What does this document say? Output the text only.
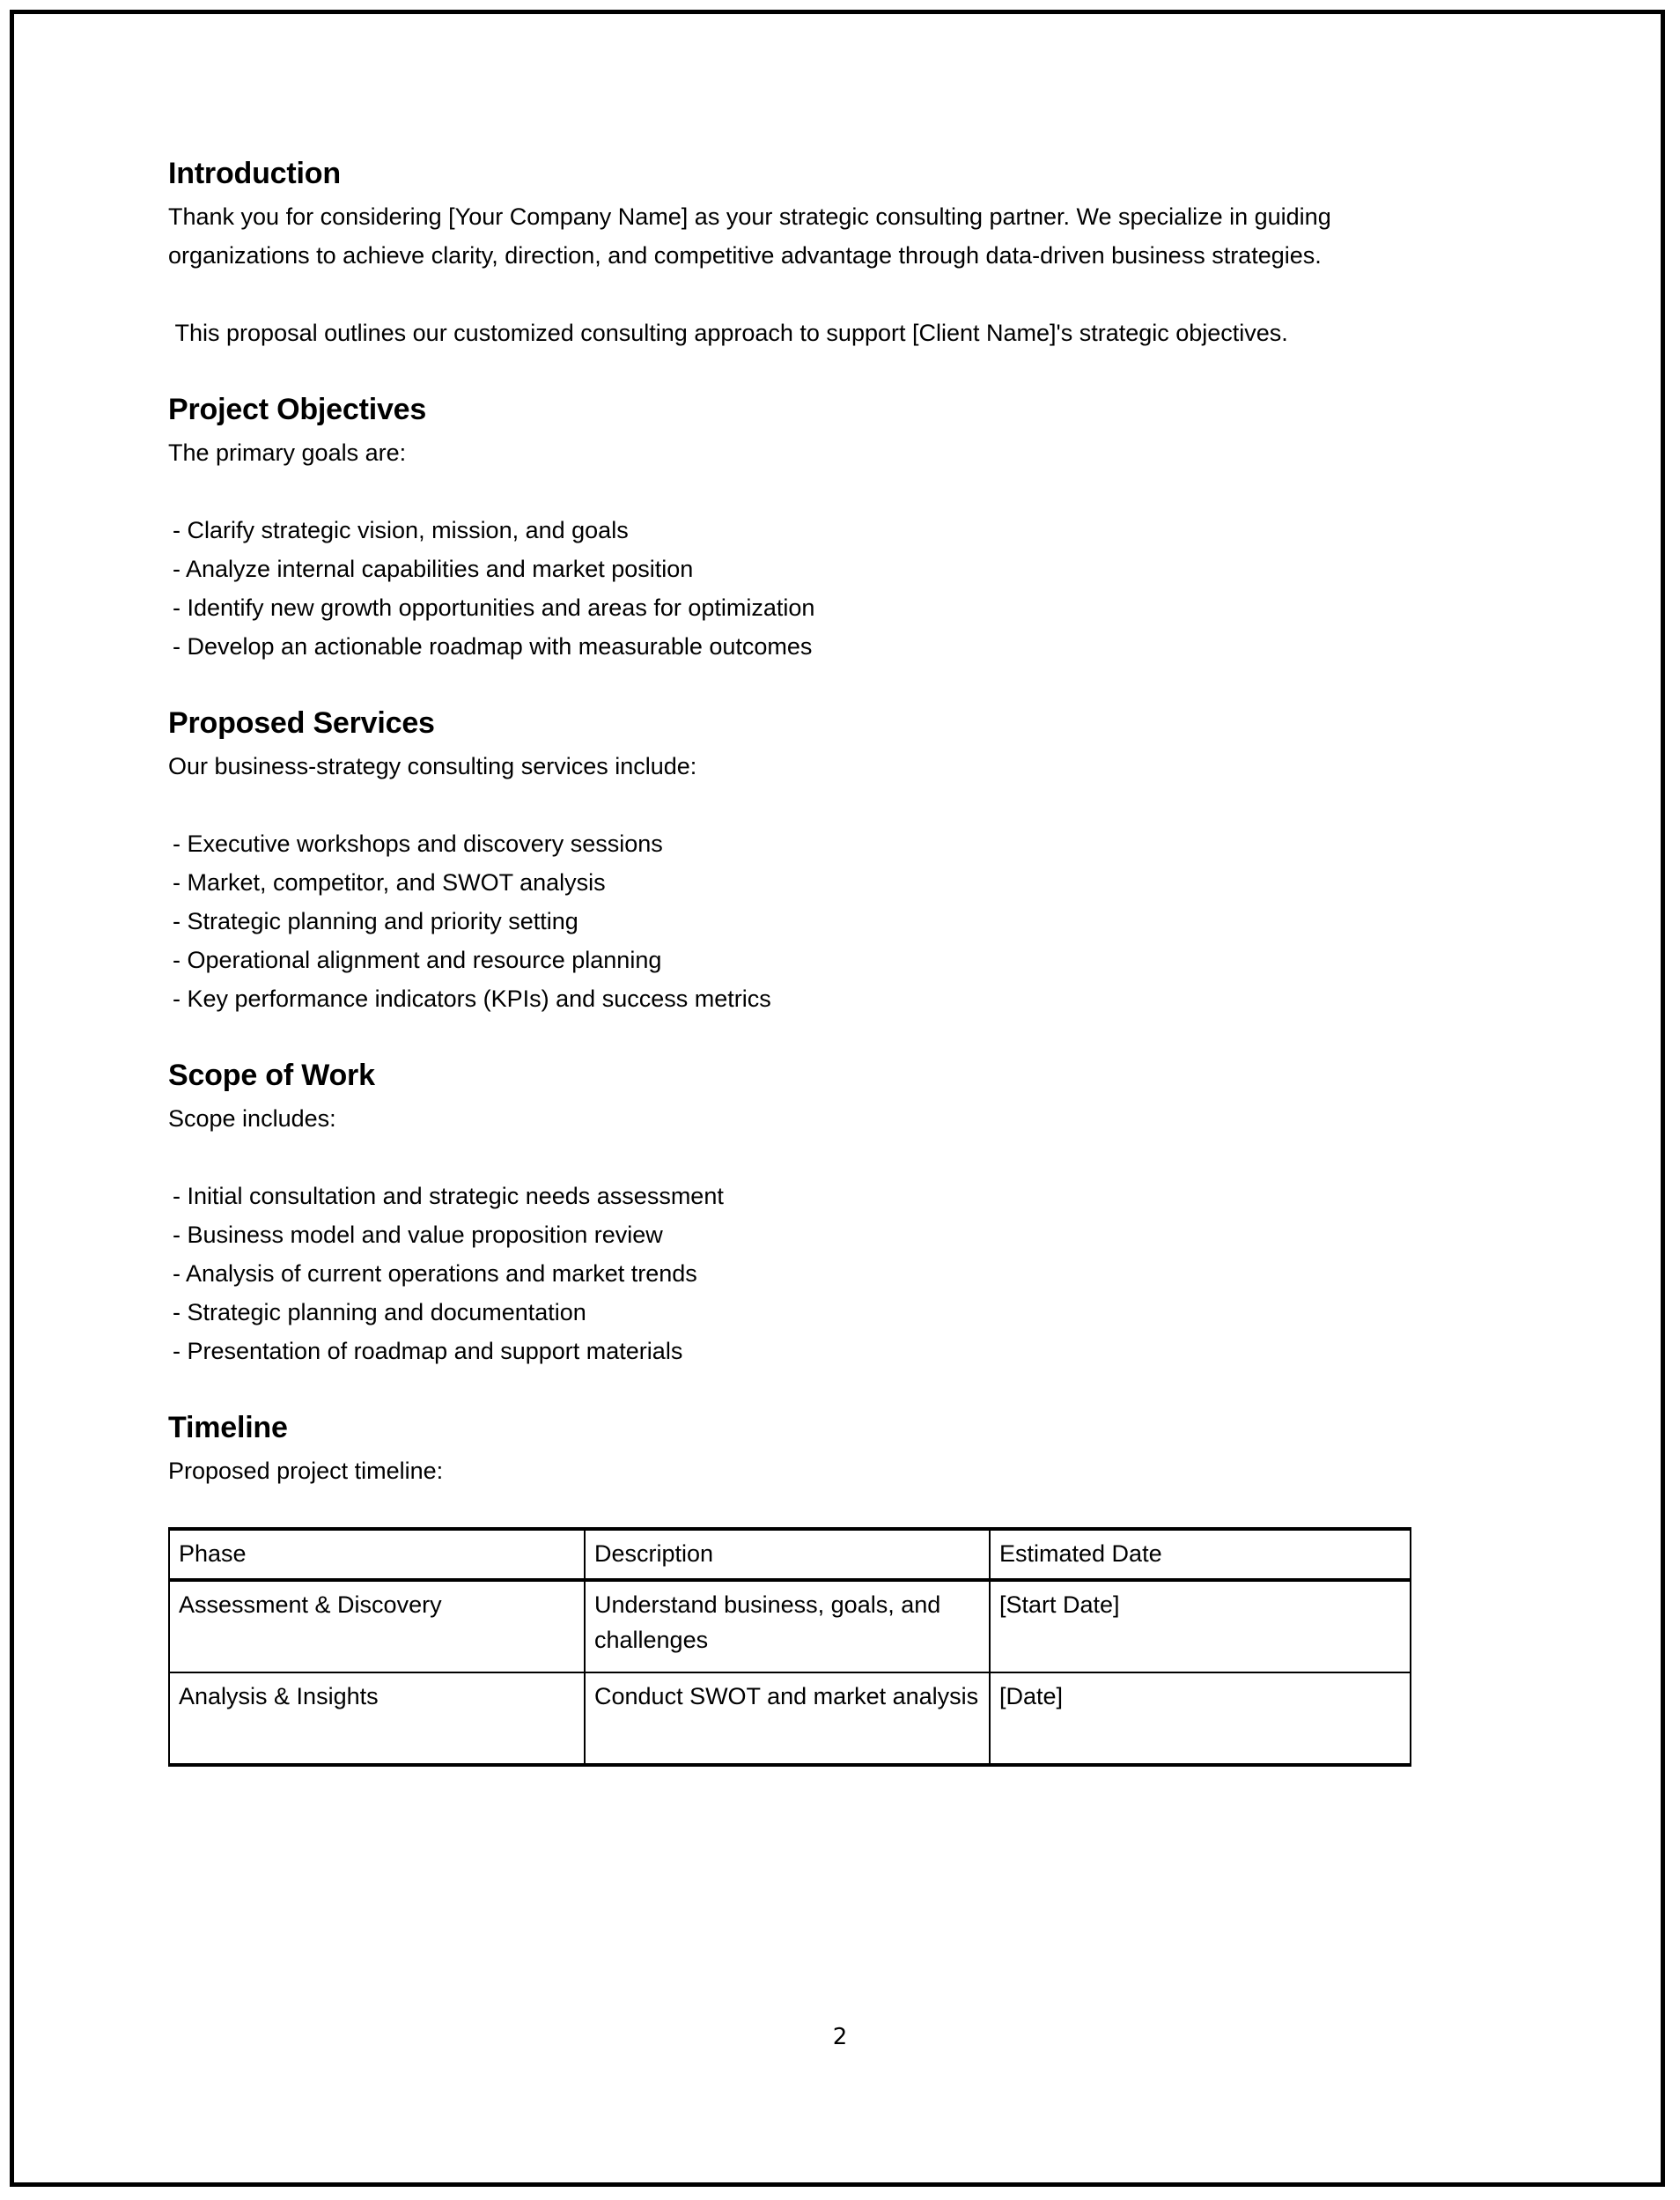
Introduction

Thank you for considering [Your Company Name] as your strategic consulting partner. We specialize in guiding organizations to achieve clarity, direction, and competitive advantage through data-driven business strategies.

This proposal outlines our customized consulting approach to support [Client Name]'s strategic objectives.

Project Objectives

The primary goals are:

- Clarify strategic vision, mission, and goals
- Analyze internal capabilities and market position
- Identify new growth opportunities and areas for optimization
- Develop an actionable roadmap with measurable outcomes
Proposed Services

Our business-strategy consulting services include:

- Executive workshops and discovery sessions
- Market, competitor, and SWOT analysis
- Strategic planning and priority setting
- Operational alignment and resource planning
- Key performance indicators (KPIs) and success metrics
Scope of Work

Scope includes:

- Initial consultation and strategic needs assessment
- Business model and value proposition review
- Analysis of current operations and market trends
- Strategic planning and documentation
- Presentation of roadmap and support materials
Timeline

Proposed project timeline:

Phase	Description	Estimated Date
Assessment & Discovery	Understand business, goals, and challenges	[Start Date]
Analysis & Insights	Conduct SWOT and market analysis	[Date]
2
